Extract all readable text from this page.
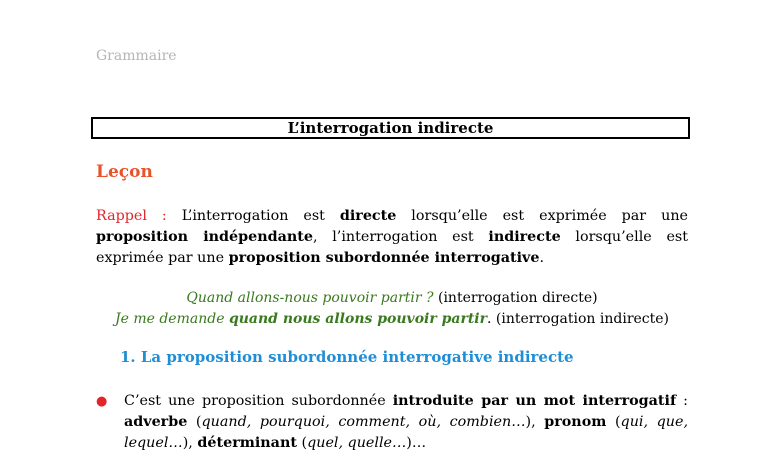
Grammaire
L’interrogation indirecte
Leçon
Rappel : L’interrogation est directe lorsqu’elle est exprimée par une proposition indépendante, l’interrogation est indirecte lorsqu’elle est exprimée par une proposition subordonnée interrogative.
Quand allons-nous pouvoir partir ? (interrogation directe)
Je me demande quand nous allons pouvoir partir. (interrogation indirecte)
1. La proposition subordonnée interrogative indirecte
● C’est une proposition subordonnée introduite par un mot interrogatif :
adverbe (quand, pourquoi, comment, où, combien…), pronom (qui, que,
lequel…), déterminant (quel, quelle…)…
